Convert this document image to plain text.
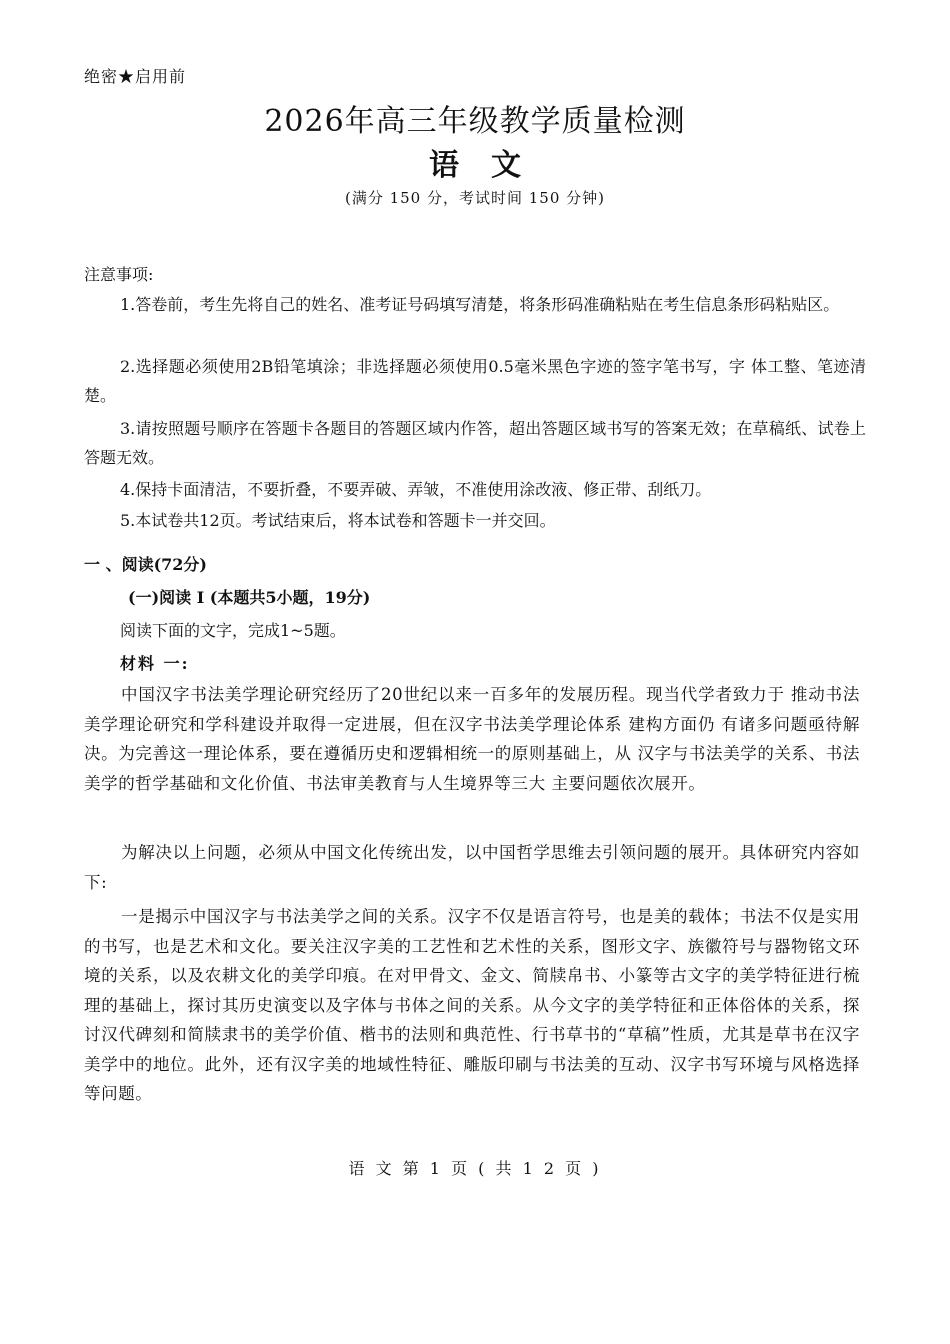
绝密★启用前
2026年高三年级教学质量检测
语文
(满分 150 分，考试时间 150 分钟)
注意事项:

1.答卷前，考生先将自己的姓名、准考证号码填写清楚，将条形码准确粘贴在考生信息条形码粘贴区。

2.选择题必须使用2B铅笔填涂；非选择题必须使用0.5毫米黑色字迹的签字笔书写，字 体工整、笔迹清楚。

3.请按照题号顺序在答题卡各题目的答题区域内作答，超出答题区域书写的答案无效；在草稿纸、试卷上答题无效。

4.保持卡面清洁，不要折叠，不要弄破、弄皱，不准使用涂改液、修正带、刮纸刀。

5.本试卷共12页。考试结束后，将本试卷和答题卡一并交回。

一 、阅读(72分)
(一)阅读 I (本题共5小题，19分)
阅读下面的文字，完成1~5题。
材料 一:

中国汉字书法美学理论研究经历了20世纪以来一百多年的发展历程。现当代学者致力于 推动书法美学理论研究和学科建设并取得一定进展，但在汉字书法美学理论体系 建构方面仍 有诸多问题亟待解决。为完善这一理论体系，要在遵循历史和逻辑相统一的原则基础上，从 汉字与书法美学的关系、书法美学的哲学基础和文化价值、书法审美教育与人生境界等三大 主要问题依次展开。

为解决以上问题，必须从中国文化传统出发，以中国哲学思维去引领问题的展开。具体研究内容如下:

一是揭示中国汉字与书法美学之间的关系。汉字不仅是语言符号，也是美的载体；书法不仅是实用的书写，也是艺术和文化。要关注汉字美的工艺性和艺术性的关系，图形文字、族徽符号与器物铭文环境的关系，以及农耕文化的美学印痕。在对甲骨文、金文、简牍帛书、小篆等古文字的美学特征进行梳理的基础上，探讨其历史演变以及字体与书体之间的关系。从今文字的美学特征和正体俗体的关系，探讨汉代碑刻和简牍隶书的美学价值、楷书的法则和典范性、行书草书的“草稿”性质，尤其是草书在汉字美学中的地位。此外，还有汉字美的地域性特征、雕版印刷与书法美的互动、汉字书写环境与风格选择等问题。

语 文 第 1 页 ( 共 1 2 页 )
